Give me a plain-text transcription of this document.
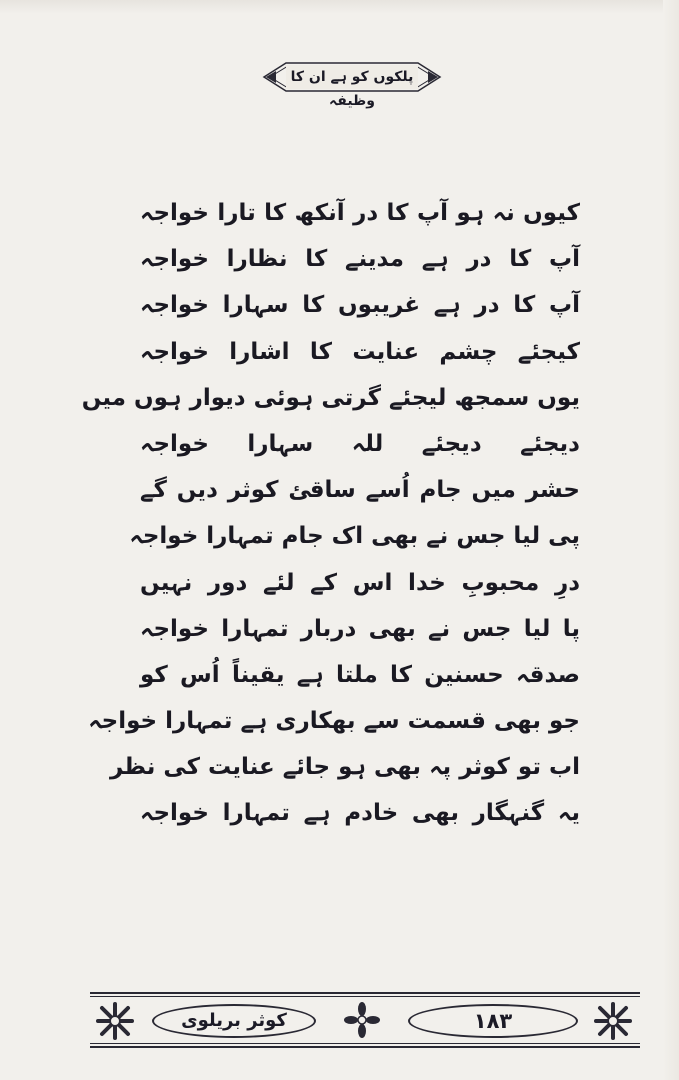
پلکوں کو ہے ان کا وظیفہ
کیوں نہ ہو آپ کا در آنکھ کا تارا خواجہ
آپ کا در ہے مدینے کا نظارا خواجہ
آپ کا در ہے غریبوں کا سہارا خواجہ
کیجئے چشم عنایت کا اشارا خواجہ
یوں سمجھ لیجئے گرتی ہوئی دیوار ہوں میں
دیجئے دیجئے للہ سہارا خواجہ
حشر میں جام اُسے ساقئ کوثر دیں گے
پی لیا جس نے بھی اک جام تمہارا خواجہ
درِ محبوبِ خدا اس کے لئے دور نہیں
پا لیا جس نے بھی دربار تمہارا خواجہ
صدقہ حسنین کا ملتا ہے یقیناً اُس کو
جو بھی قسمت سے بھکاری ہے تمہارا خواجہ
اب تو کوثر پہ بھی ہو جائے عنایت کی نظر
یہ گنہگار بھی خادم ہے تمہارا خواجہ
کوثر بریلوی	١٨٣
